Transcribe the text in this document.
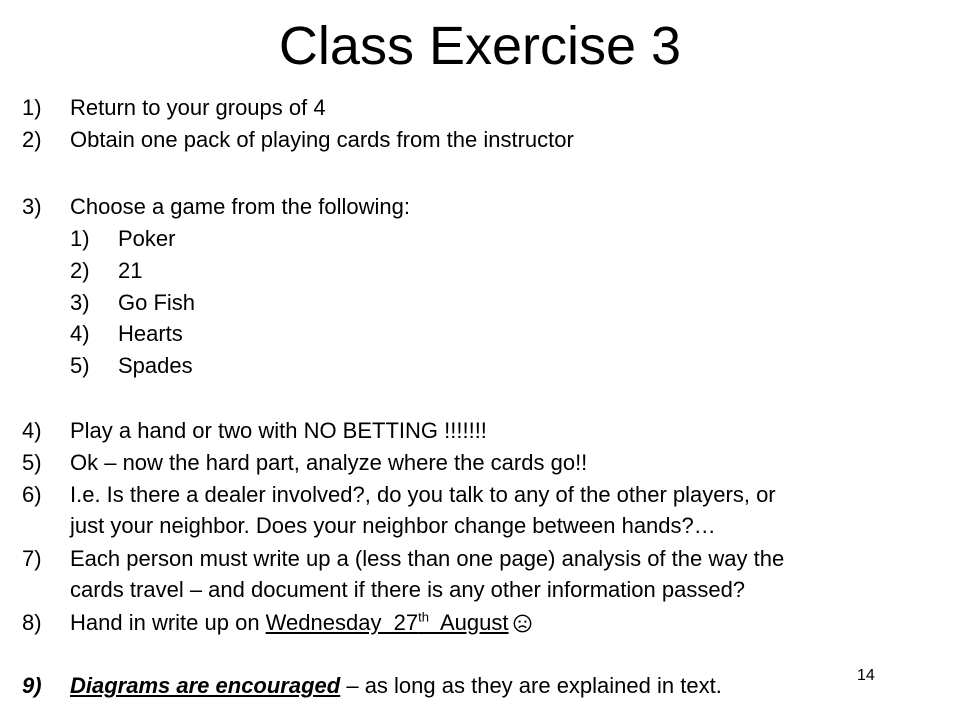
Class Exercise 3
1) Return to your groups of 4
2) Obtain one pack of playing cards from the instructor
3) Choose a game from the following:
1) Poker
2) 21
3) Go Fish
4) Hearts
5) Spades
4) Play a hand or two with NO BETTING !!!!!!!
5) Ok – now the hard part, analyze where the cards go!!
6) I.e. Is there a dealer involved?, do you talk to any of the other players, or
just your neighbor. Does your neighbor change between hands?…
7) Each person must write up a (less than one page) analysis of the way the
cards travel – and document if there is any other information passed?
8) Hand in write up on Wednesday  27th  August
9) Diagrams are encouraged – as long as they are explained in text.	14
